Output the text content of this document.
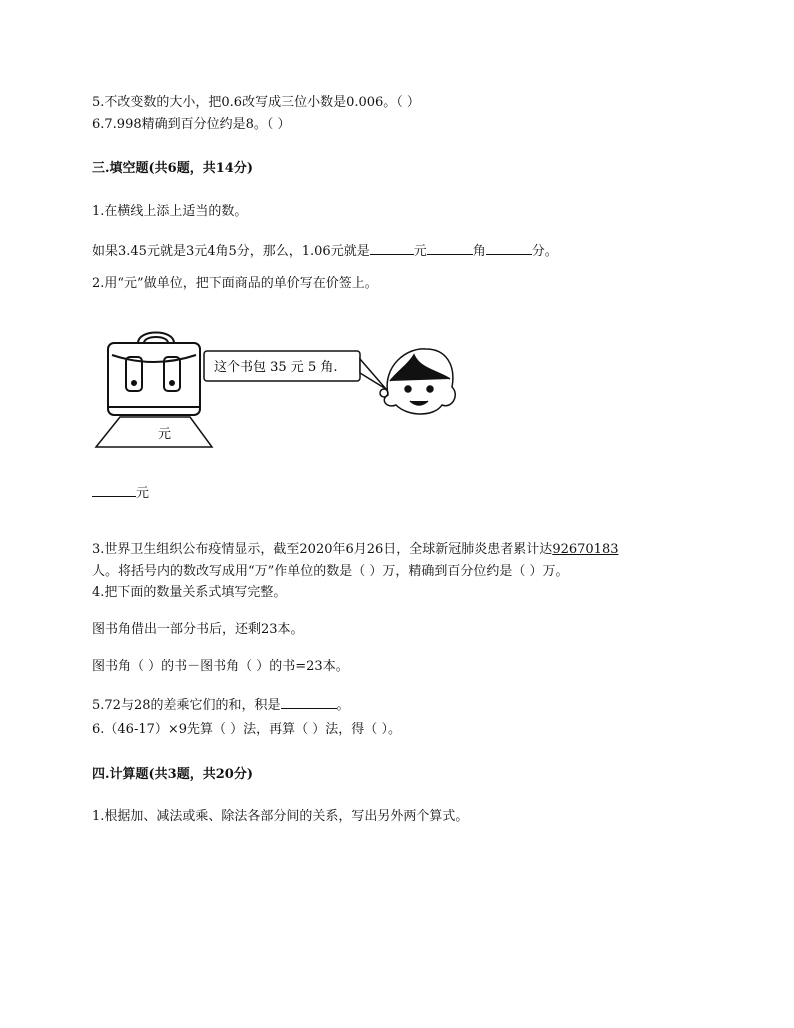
5.不改变数的大小，把0.6改写成三位小数是0.006。（ ）
6.7.998精确到百分位约是8。（ ）
三.填空题(共6题，共14分)
1.在横线上添上适当的数。
如果3.45元就是3元4角5分，那么，1.06元就是	元	角	分。
2.用“元”做单位，把下面商品的单价写在价签上。
元
这个书包 35 元 5 角.
元
3.世界卫生组织公布疫情显示，截至2020年6月26日，全球新冠肺炎患者累计达92670183
人。将括号内的数改写成用“万”作单位的数是（ ）万，精确到百分位约是（ ）万。
4.把下面的数量关系式填写完整。
图书角借出一部分书后，还剩23本。
图书角（ ）的书－图书角（ ）的书=23本。
5.72与28的差乘它们的和，积是	。
6.（46-17）×9先算（ ）法，再算（ ）法，得（ ）。
四.计算题(共3题，共20分)
1.根据加、减法或乘、除法各部分间的关系，写出另外两个算式。
